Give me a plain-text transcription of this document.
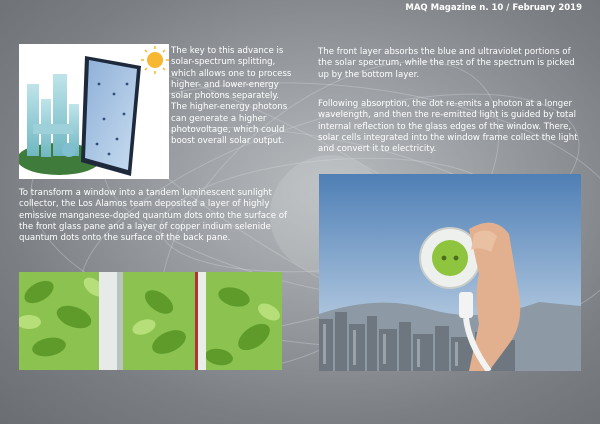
MAQ Magazine n. 10 / February 2019
The key to this advance is solar-spectrum splitting, which allows one to process higher- and lower-energy solar photons separately. The higher-energy photons can generate a higher photovoltage, which could boost overall solar output.
To transform a window into a tandem luminescent sunlight collector, the Los Alamos team deposited a layer of highly emissive manganese-doped quantum dots onto the surface of the front glass pane and a layer of copper indium selenide quantum dots onto the surface of the back pane.
The front layer absorbs the blue and ultraviolet portions of the solar spectrum, while the rest of the spectrum is picked up by the bottom layer.
Following absorption, the dot re-emits a photon at a longer wavelength, and then the re-emitted light is guided by total internal reflection to the glass edges of the window. There, solar cells integrated into the window frame collect the light and convert it to electricity.
